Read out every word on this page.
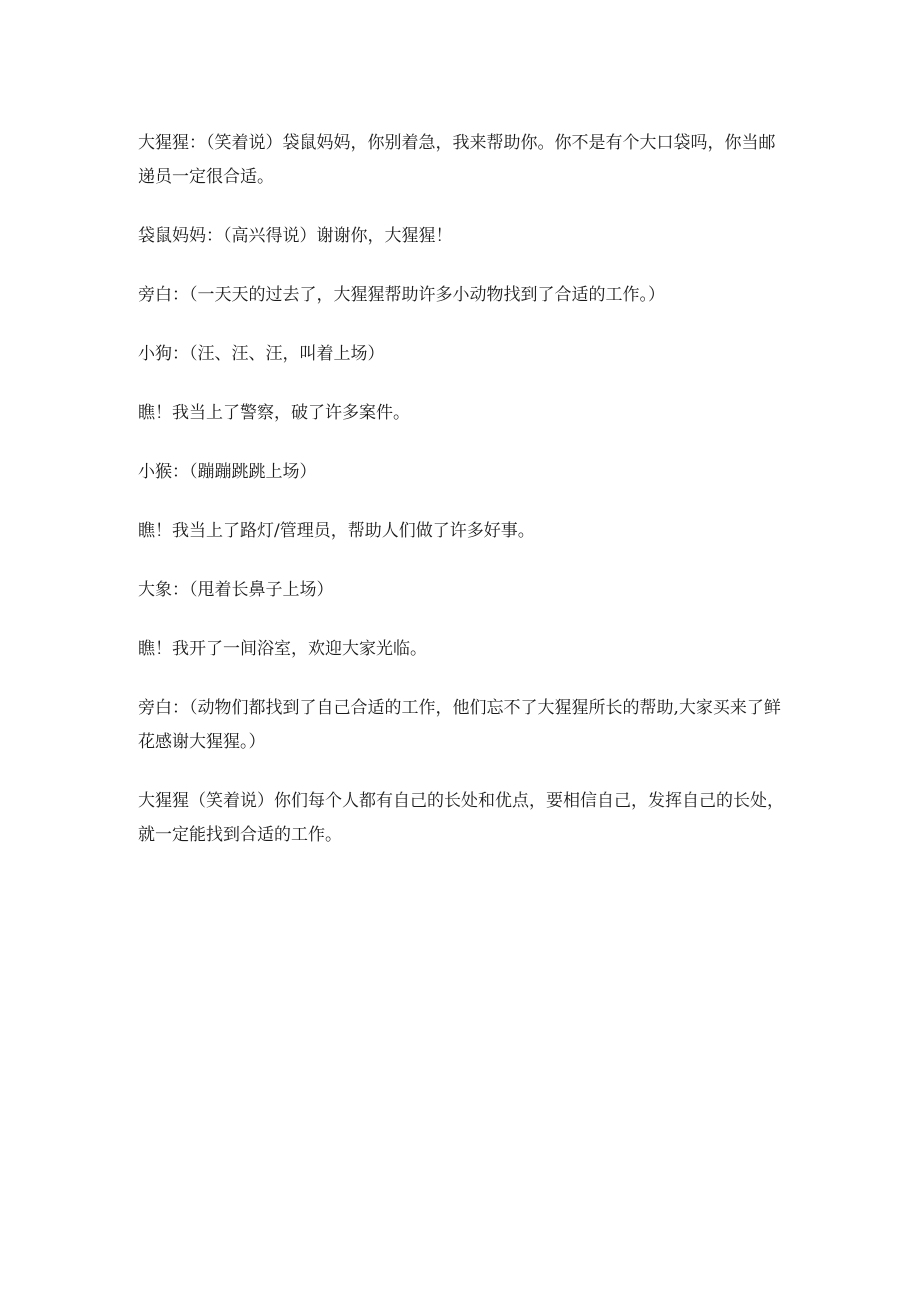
大猩猩：（笑着说）袋鼠妈妈，你别着急，我来帮助你。你不是有个大口袋吗，你当邮递员一定很合适。

袋鼠妈妈：（高兴得说）谢谢你，大猩猩！

旁白：（一天天的过去了，大猩猩帮助许多小动物找到了合适的工作。）

小狗：（汪、汪、汪，叫着上场）

瞧！我当上了警察，破了许多案件。

小猴：（蹦蹦跳跳上场）

瞧！我当上了路灯/管理员，帮助人们做了许多好事。

大象：（甩着长鼻子上场）

瞧！我开了一间浴室，欢迎大家光临。

旁白：（动物们都找到了自己合适的工作，他们忘不了大猩猩所长的帮助,大家买来了鲜花感谢大猩猩。）

大猩猩（笑着说）你们每个人都有自己的长处和优点，要相信自己，发挥自己的长处，就一定能找到合适的工作。
